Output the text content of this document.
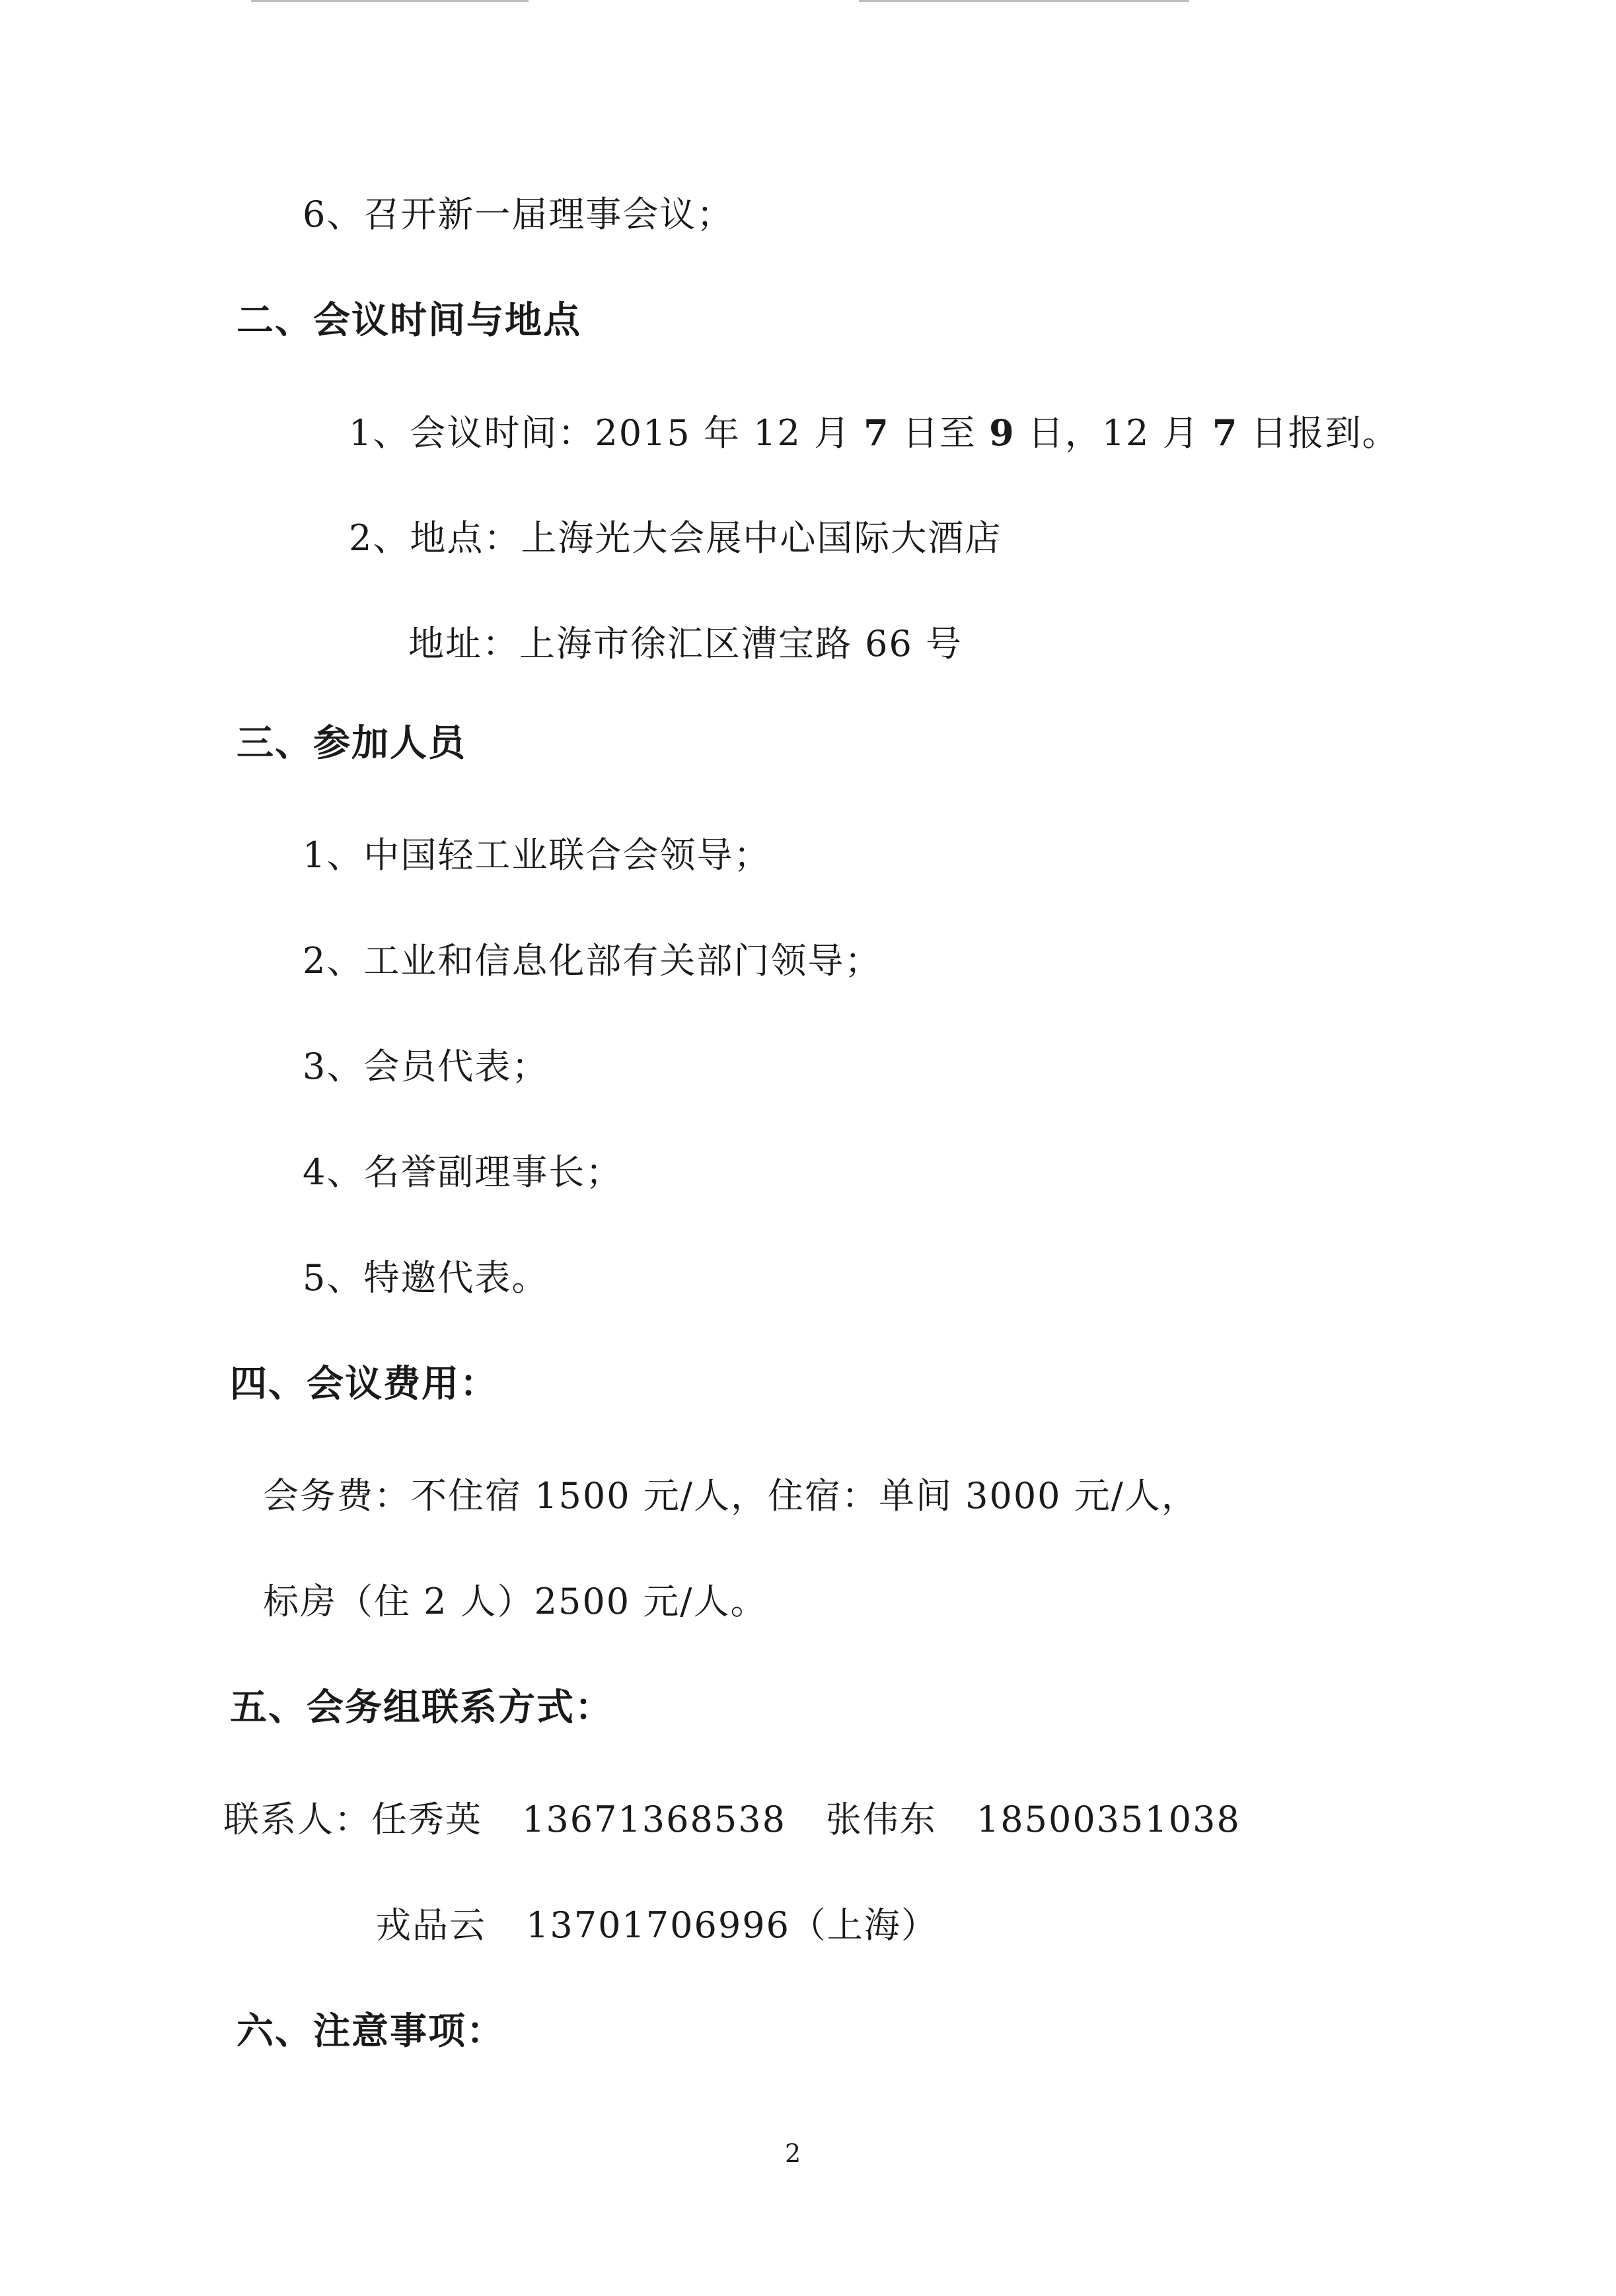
6、召开新一届理事会议；
二、会议时间与地点
1、会议时间：2015 年 12 月 7 日至 9 日，12 月 7 日报到。
2、地点：上海光大会展中心国际大酒店
地址：上海市徐汇区漕宝路 66 号
三、参加人员
1、中国轻工业联合会领导；
2、工业和信息化部有关部门领导；
3、会员代表；
4、名誉副理事长；
5、特邀代表。
四、会议费用：
会务费：不住宿 1500 元/人，住宿：单间 3000 元/人，
标房（住 2 人）2500 元/人。
五、会务组联系方式：
联系人：任秀英 13671368538 张伟东 18500351038
戎品云 13701706996（上海）
六、注意事项：
2
